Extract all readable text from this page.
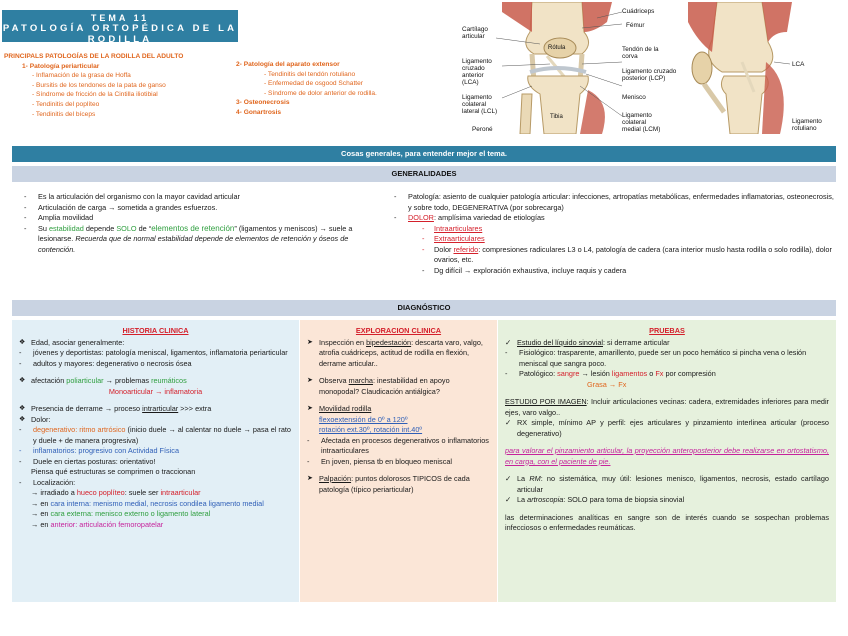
TEMA 11
PATOLOGÍA ORTOPÉDICA DE LA RODILLA
PRINCIPALS PATOLOGÍAS DE LA RODILLA DEL ADULTO
1- Patología periarticular
- Inflamación de la grasa de Hoffa
- Bursitis de los tendones de la pata de ganso
- Síndrome de fricción de la Cintilla iliotibial
- Tendinitis del poplíteo
- Tendinitis del bíceps
2- Patología del aparato extensor
- Tendinitis del tendón rotuliano
- Enfermedad de osgood Schatter
- Síndrome de dolor anterior de rodilla.
3- Osteonecrosis
4- Gonartrosis
Cuádriceps
Fémur
Cartílago articular
Rótula	Tendón de la corva
Ligamento cruzado anterior (LCA)
Ligamento cruzado posterior (LCP)
LCA
Menisco
Ligamento colateral lateral (LCL)
Tibia	Ligamento colateral medial (LCM)
Peroné
Ligamento rotuliano
Cosas generales, para entender mejor el tema.
GENERALIDADES
- Es la articulación del organismo con la mayor cavidad articular
- Articulación de carga → sometida a grandes esfuerzos.
- Amplia movilidad
- Su estabilidad depende SOLO de “elementos de retención” (ligamentos y meniscos) → suele a lesionarse. Recuerda que de normal estabilidad depende de elementos de retención y óseos de contención.
- Patología: asiento de cualquier patología articular: infecciones, artropatías metabólicas, enfermedades inflamatorias, osteonecrosis, y sobre todo, DEGENERATIVA (por sobrecarga)
- DOLOR: amplísima variedad de etiologías
- Intraarticulares
- Extraarticulares
- Dolor referido: compresiones radiculares L3 o L4, patología de cadera (cara interior muslo hasta rodilla o solo rodilla), dolor ovarios, etc.
- Dg difícil → exploración exhaustiva, incluye raquis y cadera
DIAGNÓSTICO
HISTORIA CLINICA
❖ Edad, asociar generalmente:
- jóvenes y deportistas: patología meniscal, ligamentos, inflamatoria periarticular
- adultos y mayores: degenerativo o necrosis ósea
❖ afectación poliarticular → problemas reumáticos
Monoarticular → inflamatoria
❖ Presencia de derrame → proceso intrarticular >>> extra
❖ Dolor:
- degenerativo: ritmo artrósico (inicio duele → al calentar no duele → pasa el rato y duele + de manera progresiva)
- inflamatorios: progresivo con Actividad Física
- Duele en ciertas posturas: orientativo!
Piensa qué estructuras se comprimen o traccionan
- Localización:
→ irradiado a hueco poplíteo: suele ser intraarticular
→ en cara interna: menismo medial, necrosis condilea ligamento medial
→ en cara externa: menisco externo o ligamento lateral
→ en anterior: articulación femoropatelar
EXPLORACION CLINICA
➤ Inspección en bipedestación: descarta varo, valgo, atrofia cuádriceps, actitud de rodilla en flexión, derrame articular..
➤ Observa marcha: inestabilidad en apoyo monopodal? Claudicación antiálgica?
➤ Movilidad rodilla
flexoextensión de 0º a 120º
rotación ext.30º, rotación int.40º
- Afectada en procesos degenerativos o inflamatorios intraarticulares
- En joven, piensa tb en bloqueo meniscal
➤ Palpación: puntos dolorosos TIPICOS de cada patología (típico periarticular)
PRUEBAS
✓ Estudio del líquido sinovial: si derrame articular
- Fisiológico: trasparente, amarillento, puede ser un poco hemático si pincha vena o lesión meniscal que sangra poco.
- Patológico: sangre → lesión ligamentos o Fx por compresión
Grasa → Fx
ESTUDIO POR IMAGEN: Incluir articulaciones vecinas: cadera, extremidades inferiores para medir ejes, varo valgo..
✓ RX simple, mínimo AP y perfil: ejes articulares y pinzamiento interlinea articular (proceso degenerativo)
para valorar el pinzamiento articular, la proyección anteroposterior debe realizarse en ortostatismo, en carga, con el paciente de pie.
✓ La RM: no sistemática, muy útil: lesiones menisco, ligamentos, necrosis, estado cartílago articular
✓ La artroscopia: SOLO para toma de biopsia sinovial
las determinaciones analíticas en sangre son de interés cuando se sospechan problemas infecciosos o enfermedades reumáticas.
